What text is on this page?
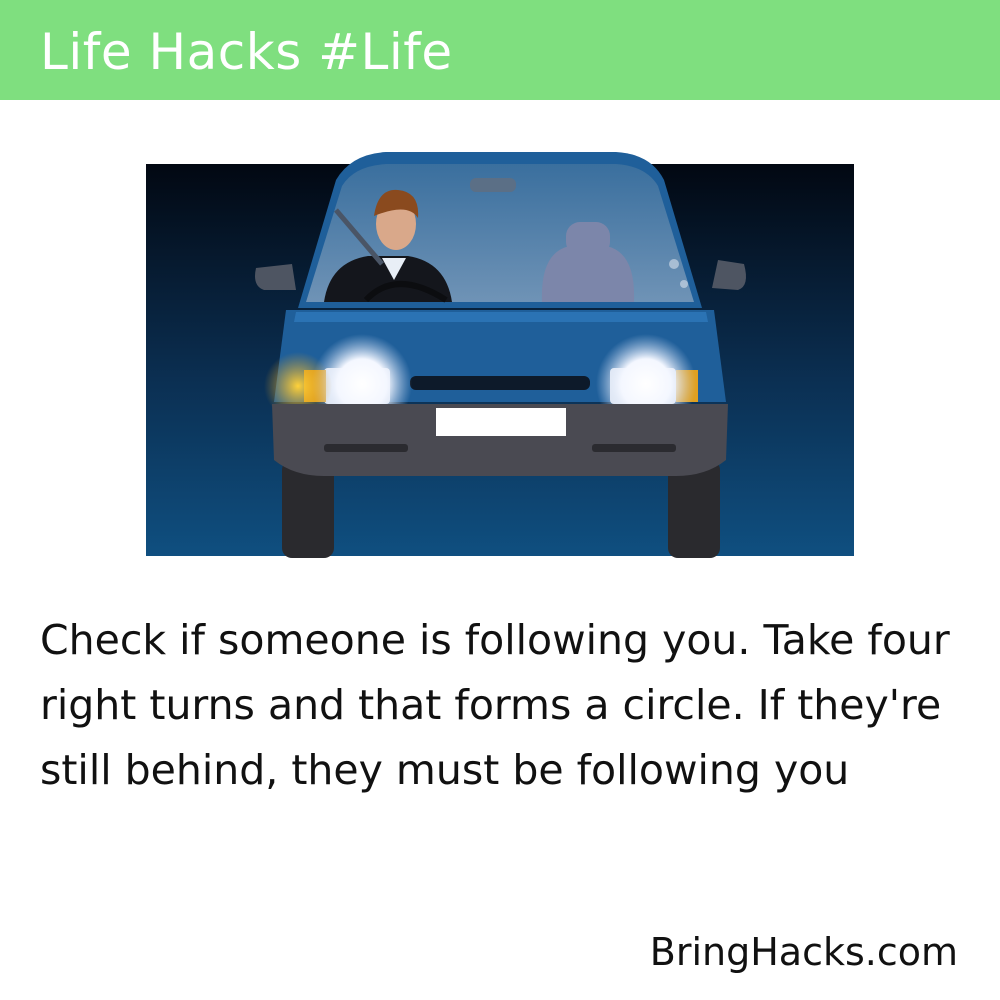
Life Hacks #Life
Check if someone is following you. Take four right turns and that forms a circle. If they're still behind, they must be following you
BringHacks.com
